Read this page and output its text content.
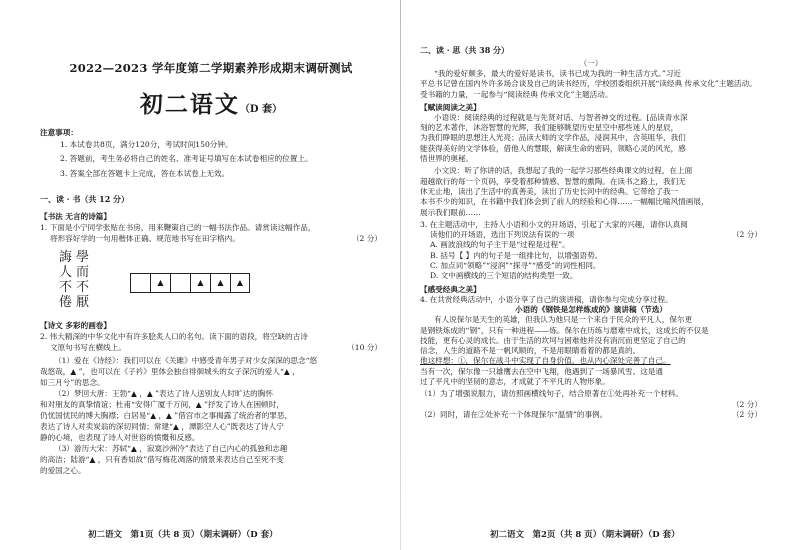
2022—2023 学年度第二学期素养形成期末调研测试

初二语文（D 套）

注意事项：

1. 本试卷共8页，满分120分，考试时间150分钟。

2. 答题前，考生务必将自己的姓名、准考证号填写在本试卷相应的位置上。

3. 答案全部在答题卡上完成，答在本试卷上无效。

一、读 · 书（共 12 分）

【书法 无言的诗篇】

1. 下面是小宁同学张贴在书房，用来鞭策自己的一幅书法作品。请赏读这幅作品，

将形容好学的一句用楷体正确、规范地书写在田字格内。	（2 分）

學
而
不
厭
誨
人
不
倦
▲	▲	▲	▲

【诗文 多彩的画卷】

2. 伟大精深的中华文化中有许多脍炙人口的名句。读下面的语段，将空缺的古诗

文原句书写在横线上。	（10 分）

（1）爱在《诗经》：我们可以在《关雎》中感受青年男子对少女深深的思念“悠

哉悠哉，▲ ”，也可以在《子衿》里体会独自徘徊城头的女子深沉的爱人“▲ ，

如三月兮”的思念。

（2）梦回大唐：王勃“▲ ，▲ ”表达了诗人送别友人时旷达的胸怀

和对朋友的真挚情谊；杜甫“安得广厦千万间，▲ ”抒发了诗人在困顿时，

仍忧国忧民的博大胸襟；白居易“▲ ，▲ ”借宫市之事揭露了统治者的罪恶，

表达了诗人对卖炭翁的深切同情；常建“▲ ，潭影空人心”既表达了诗人宁

静的心境，也表现了诗人对世俗的愤慨和反感。

（3）游历大宋：苏轼“▲ ，寂寞沙洲冷”表达了自己内心的孤独和志趣

的高洁；陆游“▲ ，只有香如故”借写梅花凋落的情景来表达自己至死不变

的爱国之心。

初二语文　第1页（共 8 页）（期末调研）（D 套）

二、读 · 思（共 38 分）

（一）

“我的爱好颇多，最大的爱好是读书，读书已成为我的一种生活方式。”习近

平总书记曾在国内外许多场合谈及自己的读书经历，学校团委组织开展“读经典 传承文化”主题活动。

受书籍的力量，一起参与“阅读经典 传承文化”主题活动。

【赋读阅读之美】

小语说：阅读经典的过程就是与先贤对话、与智者神交的过程。[品读青水深

刻的艺术著作，沐浴智慧的光辉，我们能够眺望历史星空中那些迷人的星辰，

为我们睁眼的思想注入光亮；品读大师的文学作品，浸润其中，含英咀华，我们

能获得美好的文学体验，借他人的慧眼，解读生命的密码，领略心灵的风光，感

悟世界的奥秘。

小文说：听了你讲的话，我想起了我的一起学习那些经典课文的过程，在上面

超越欲行的每一个页码，享受着那种情感、智慧的熏陶。在读书之路上，我们无

休无止地，读出了生活中的真善美，读出了历史长河中的经典。它带给了我一

本书不少的知识，在书籍中我们体会到了前人的经验和心得……一幅幅比喻风情画展，

展示我们眼前……

3. 在主题活动中，主持人小语和小文的开场语，引起了大家的兴趣，请你认真阅

读他们的开场语，选出下列说法有误的一项	（2 分）

A. 画波浪线的句子主干是“过程是过程”。

B. 括号【 】内的句子是一组排比句，以增强语势。

C. 加点词“领略”“浸润”“探寻”“感受”的词性相同。

D. 文中画横线的三个短语的结构类型一致。

【感受经典之美】

4. 在共赏经典活动中，小语分享了自己的演讲稿，请你参与完成分享过程。

小语的《钢铁是怎样炼成的》演讲稿（节选）

有人说保尔是天生的英雄，但我认为他只是一个来自于民众的平凡人，保尔更

是钢铁炼成的“钢”，只有一种进程——炼。保尔在历练与磨难中成长，这成长的不仅是

技能，更有心灵的成长。由于生活的坎坷与困难他并没有消沉而更坚定了自己的

信念，人生的道路不是一帆风顺的，不是用眼睛看着的都是真的。

他这样想：①，保尔在战斗中实现了自身价值，也从内心深处完善了自己。

当有一次，保尔像一只雄鹰去在空中飞翔，他遇到了一场暴风雪。这是通

过了平凡中的坚韧的意志，才成就了不平凡的人物形象。

（1）为了增强说服力，请仿照画横线句子，结合原著在①处再补充一个材料。

（2 分）

（2）同时，请在②处补充一个体现保尔“温情”的事例。	（2 分）

初二语文　第2页（共 8 页）（期末调研）（D 套）
